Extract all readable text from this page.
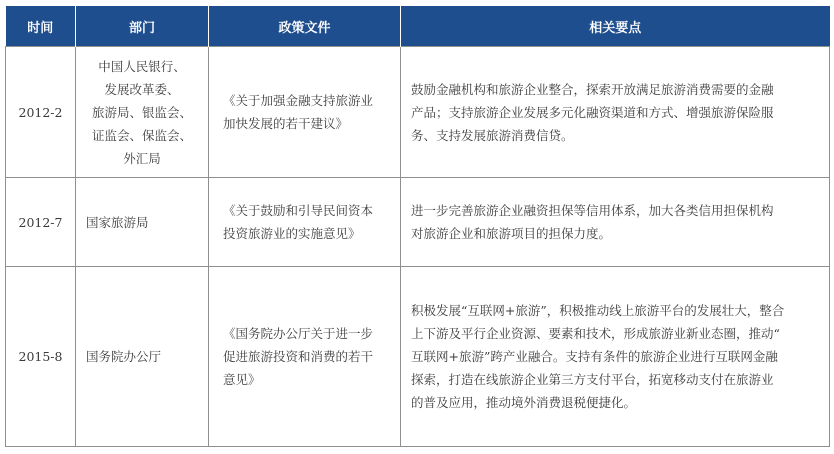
时间	部门	政策文件	相关要点
2012-2	中国人民银行、
发展改革委、
旅游局、银监会、
证监会、保监会、
外汇局	《关于加强金融支持旅游业
加快发展的若干建议》	鼓励金融机构和旅游企业整合，探索开放满足旅游消费需要的金融
产品；支持旅游企业发展多元化融资渠道和方式、增强旅游保险服
务、支持发展旅游消费信贷。

2012-7	国家旅游局	《关于鼓励和引导民间资本
投资旅游业的实施意见》	进一步完善旅游企业融资担保等信用体系，加大各类信用担保机构
对旅游企业和旅游项目的担保力度。

2015-8	国务院办公厅	《国务院办公厅关于进一步
促进旅游投资和消费的若干
意见》	积极发展“互联网+旅游”，积极推动线上旅游平台的发展壮大，整合
上下游及平行企业资源、要素和技术，形成旅游业新业态圈，推动“
互联网+旅游”跨产业融合。支持有条件的旅游企业进行互联网金融
探索，打造在线旅游企业第三方支付平台，拓宽移动支付在旅游业
的普及应用，推动境外消费退税便捷化。
